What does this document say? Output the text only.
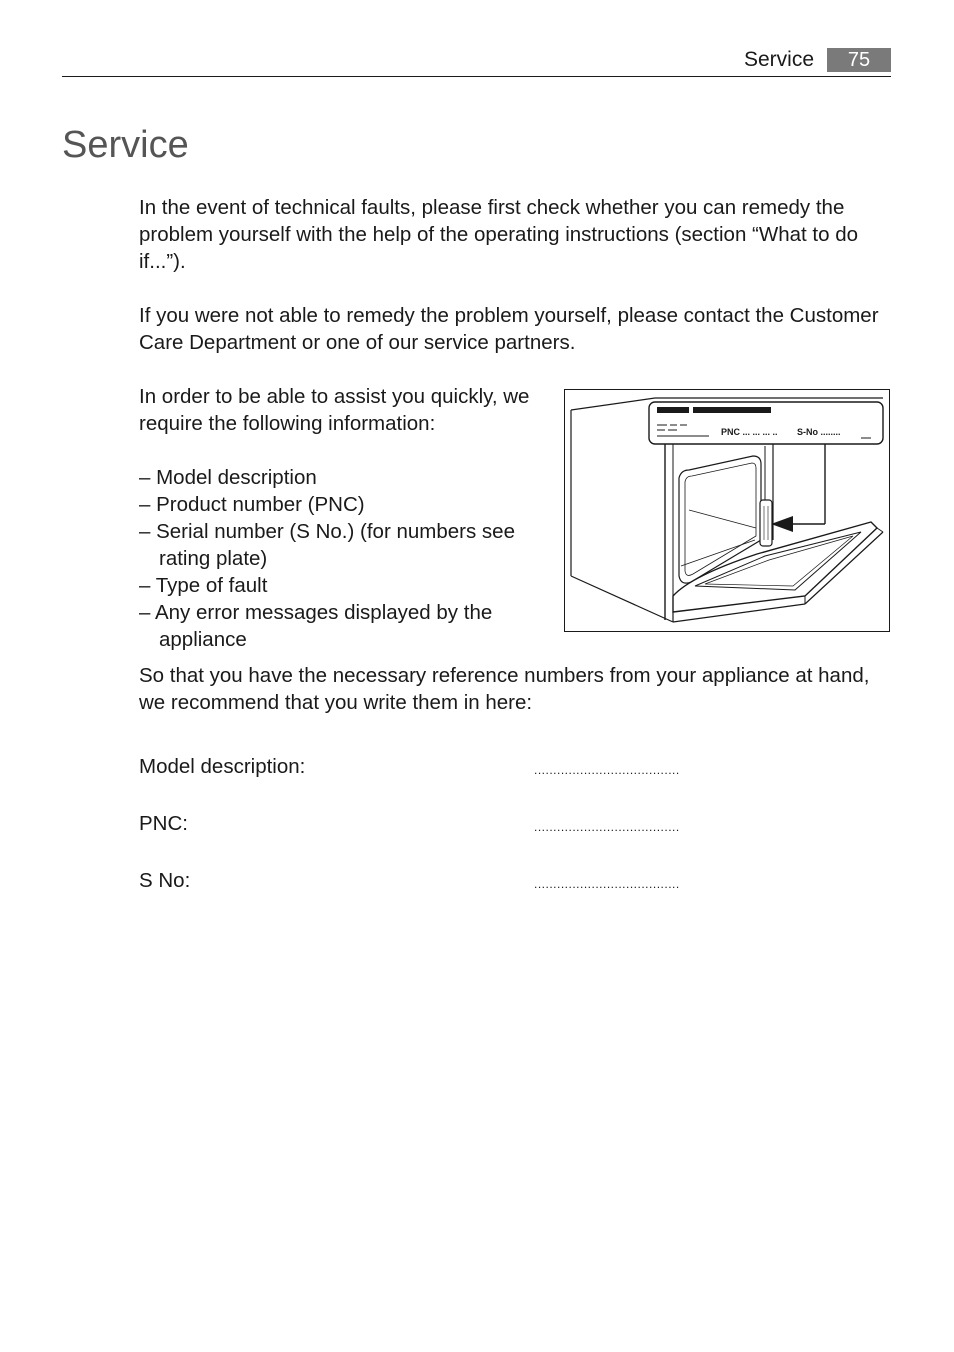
Service	75
Service

In the event of technical faults, please first check whether you can remedy the problem yourself with the help of the operating instructions (section “What to do if...”).

If you were not able to remedy the problem yourself, please contact the Customer Care Department or one of our service partners.

In order to be able to assist you quickly, we require the following information:

– Model description
– Product number (PNC)
– Serial number (S No.) (for numbers see rating plate)
– Type of fault
– Any error messages displayed by the appliance
PNC ... ... ... .. S-No ........

So that you have the necessary reference numbers from your appliance at hand, we recommend that you write them in here:

Model description:	......................................
PNC:	......................................
S No:	......................................
